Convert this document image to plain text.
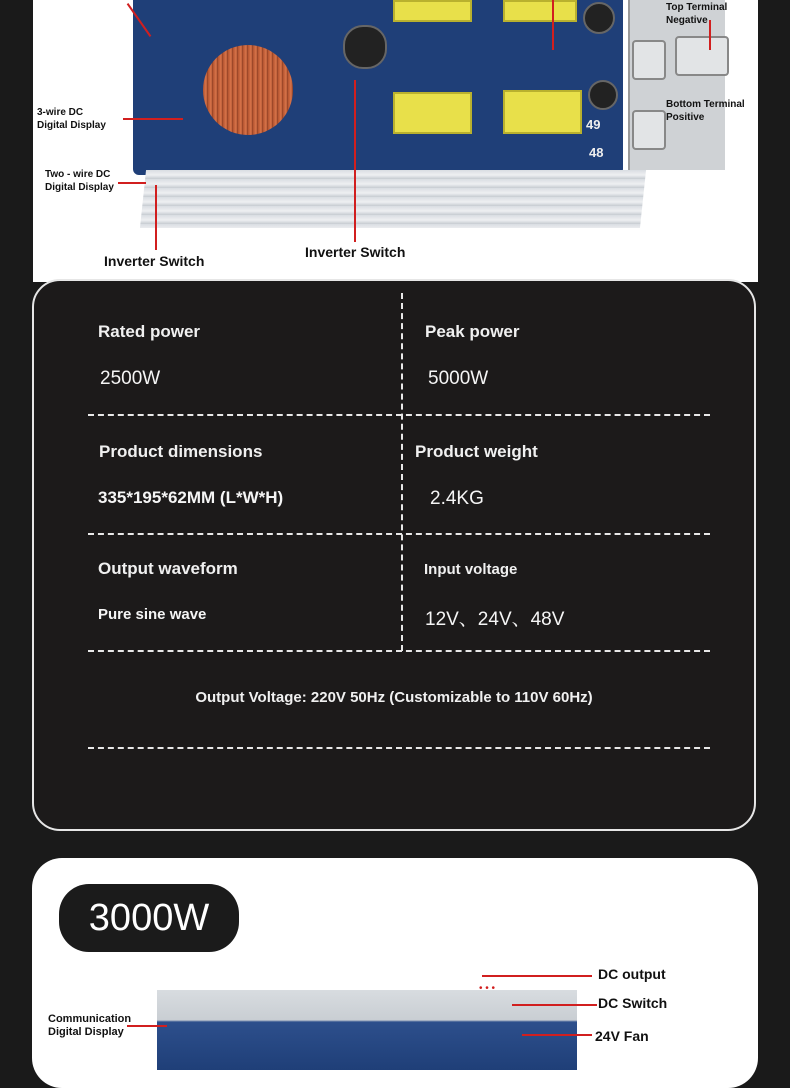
49
48
Top Terminal
Negative
Bottom Terminal
Positive
3-wire DC
Digital Display
Two - wire DC
Digital Display
Inverter Switch
Inverter Switch
Rated power
2500W
Peak power
5000W
Product dimensions
335*195*62MM (L*W*H)
Product weight
2.4KG
Output waveform
Pure sine wave
Input voltage
12V、24V、48V
Output Voltage: 220V 50Hz (Customizable to 110V 60Hz)
3000W
• • •
Communication
Digital Display
DC output
DC Switch
24V Fan
